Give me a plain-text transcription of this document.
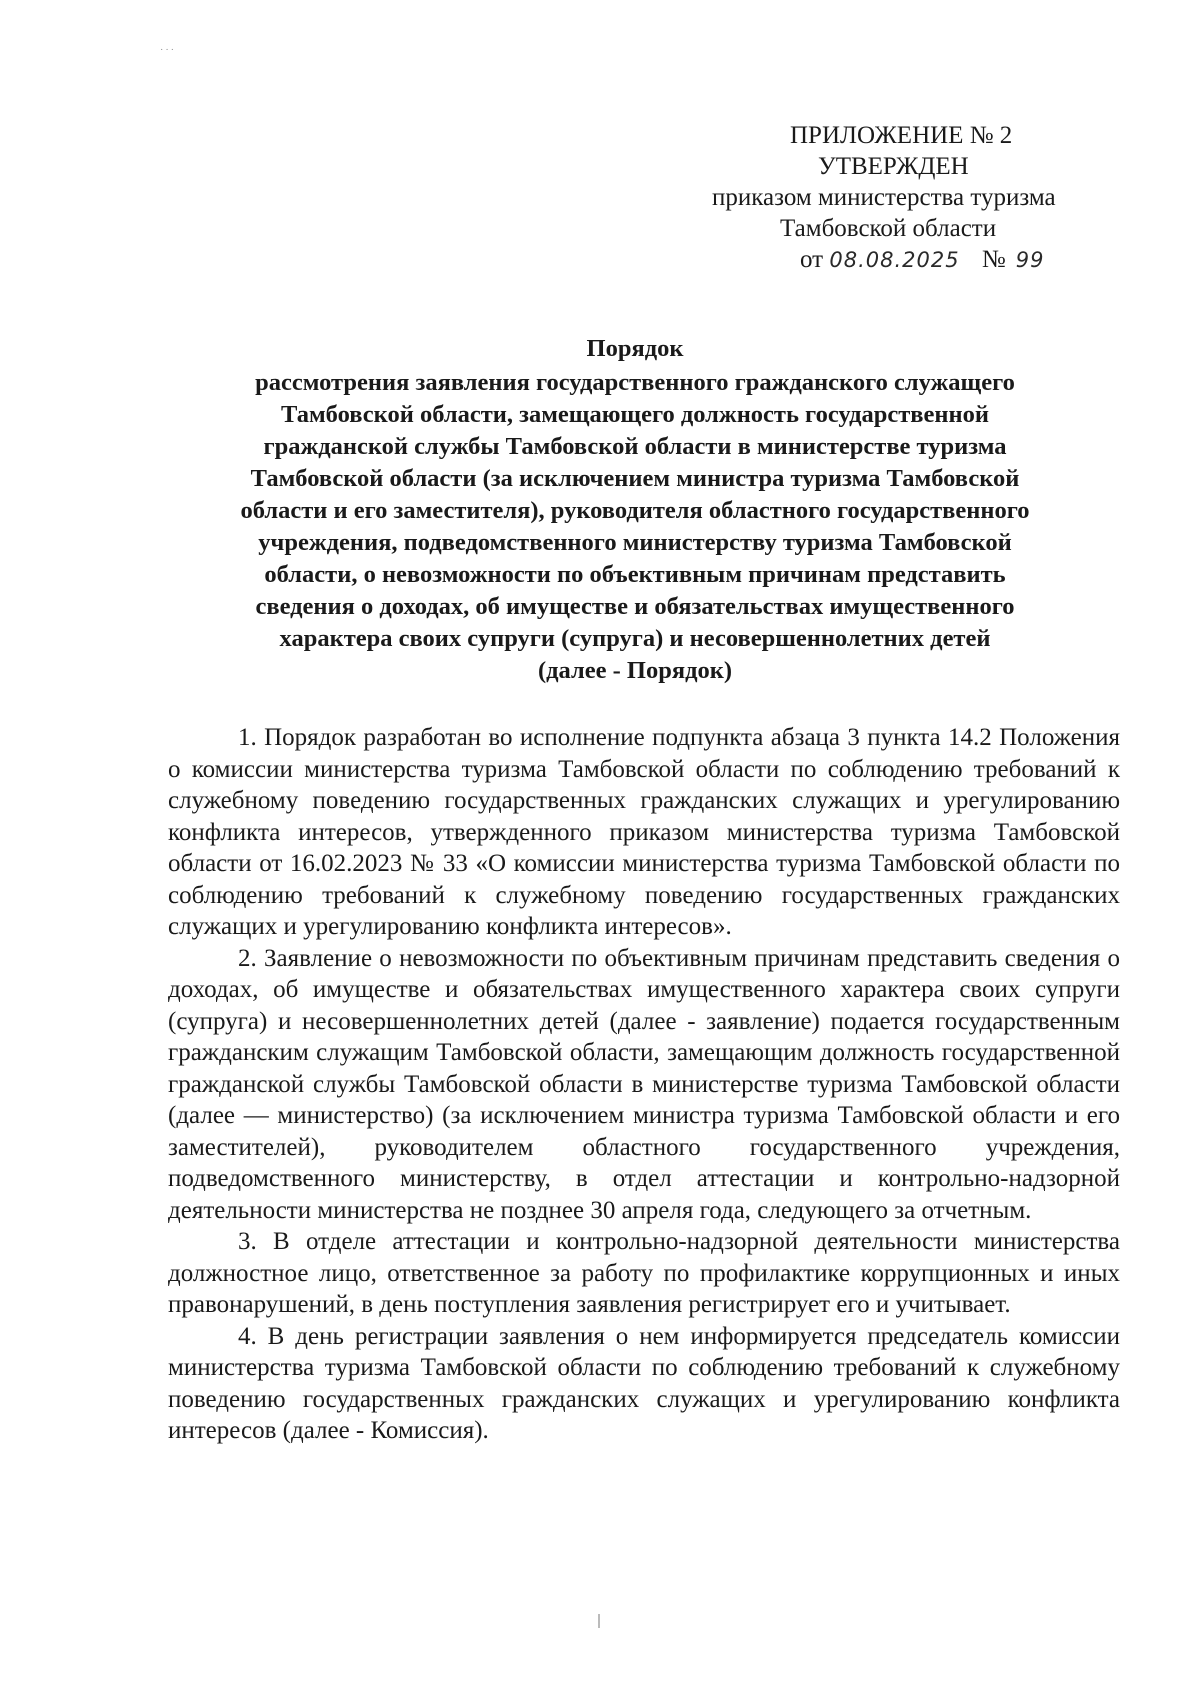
˙˙˙
ПРИЛОЖЕНИЕ № 2
УТВЕРЖДЕН
приказом министерства туризма
Тамбовской области
от 08.08.2025 № 99
Порядок
рассмотрения заявления государственного гражданского служащего
Тамбовской области, замещающего должность государственной
гражданской службы Тамбовской области в министерстве туризма
Тамбовской области (за исключением министра туризма Тамбовской
области и его заместителя), руководителя областного государственного
учреждения, подведомственного министерству туризма Тамбовской
области, о невозможности по объективным причинам представить
сведения о доходах, об имуществе и обязательствах имущественного
характера своих супруги (супруга) и несовершеннолетних детей
(далее - Порядок)

1. Порядок разработан во исполнение подпункта абзаца 3 пункта 14.2 Положения о комиссии министерства туризма Тамбовской области по соблюдению требований к служебному поведению государственных гражданских служащих и урегулированию конфликта интересов, утвержденного приказом министерства туризма Тамбовской области от 16.02.2023 № 33 «О комиссии министерства туризма Тамбовской области по соблюдению требований к служебному поведению государственных гражданских служащих и урегулированию конфликта интересов».

2. Заявление о невозможности по объективным причинам представить сведения о доходах, об имуществе и обязательствах имущественного характера своих супруги (супруга) и несовершеннолетних детей (далее - заявление) подается государственным гражданским служащим Тамбовской области, замещающим должность государственной гражданской службы Тамбовской области в министерстве туризма Тамбовской области (далее — министерство) (за исключением министра туризма Тамбовской области и его заместителей), руководителем областного государственного учреждения, подведомственного министерству, в отдел аттестации и контрольно-надзорной деятельности министерства не позднее 30 апреля года, следующего за отчетным.

3. В отделе аттестации и контрольно-надзорной деятельности министерства должностное лицо, ответственное за работу по профилактике коррупционных и иных правонарушений, в день поступления заявления регистрирует его и учитывает.

4. В день регистрации заявления о нем информируется председатель комиссии министерства туризма Тамбовской области по соблюдению требований к служебному поведению государственных гражданских служащих и урегулированию конфликта интересов (далее - Комиссия).
